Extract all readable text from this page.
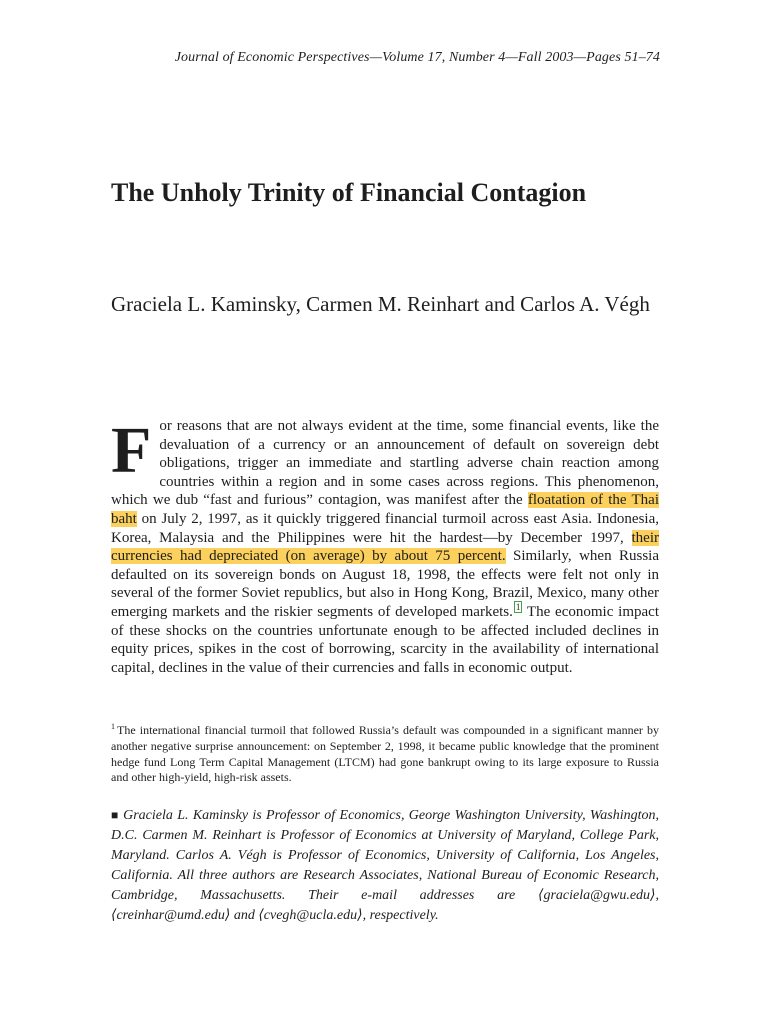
Journal of Economic Perspectives—Volume 17, Number 4—Fall 2003—Pages 51–74
The Unholy Trinity of Financial Contagion
Graciela L. Kaminsky, Carmen M. Reinhart and Carlos A. Végh
For reasons that are not always evident at the time, some financial events, like the devaluation of a currency or an announcement of default on sovereign debt obligations, trigger an immediate and startling adverse chain reaction among countries within a region and in some cases across regions. This phenomenon, which we dub “fast and furious” contagion, was manifest after the floatation of the Thai baht on July 2, 1997, as it quickly triggered financial turmoil across east Asia. Indonesia, Korea, Malaysia and the Philippines were hit the hardest—by December 1997, their currencies had depreciated (on average) by about 75 percent. Similarly, when Russia defaulted on its sovereign bonds on August 18, 1998, the effects were felt not only in several of the former Soviet republics, but also in Hong Kong, Brazil, Mexico, many other emerging markets and the riskier segments of developed markets. $^1$ The economic impact of these shocks on the countries unfortunate enough to be affected included declines in equity prices, spikes in the cost of borrowing, scarcity in the availability of international capital, declines in the value of their currencies and falls in economic output.
$^1$ The international financial turmoil that followed Russia’s default was compounded in a significant manner by another negative surprise announcement: on September 2, 1998, it became public knowledge that the prominent hedge fund Long Term Capital Management (LTCM) had gone bankrupt owing to its large exposure to Russia and other high-yield, high-risk assets.
■ Graciela L. Kaminsky is Professor of Economics, George Washington University, Washington, D.C. Carmen M. Reinhart is Professor of Economics at University of Maryland, College Park, Maryland. Carlos A. Végh is Professor of Economics, University of California, Los Angeles, California. All three authors are Research Associates, National Bureau of Economic Research, Cambridge, Massachusetts. Their e-mail addresses are ⟨graciela@gwu.edu⟩, ⟨creinhar@umd.edu⟩ and ⟨cvegh@ucla.edu⟩, respectively.
